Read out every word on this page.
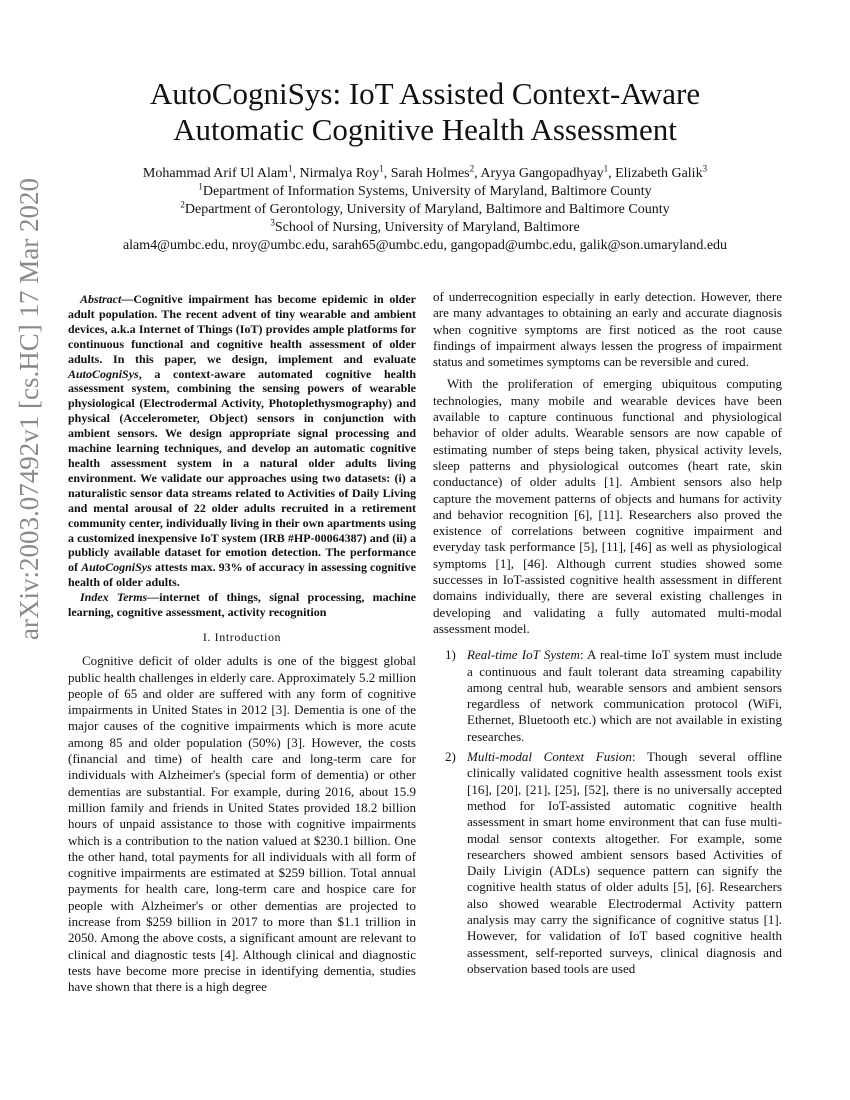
arXiv:2003.07492v1 [cs.HC] 17 Mar 2020
AutoCogniSys: IoT Assisted Context-Aware
Automatic Cognitive Health Assessment
Mohammad Arif Ul Alam$^1$, Nirmalya Roy$^1$, Sarah Holmes$^2$, Aryya Gangopadhyay$^1$, Elizabeth Galik$^3$
$^1$Department of Information Systems, University of Maryland, Baltimore County
$^2$Department of Gerontology, University of Maryland, Baltimore and Baltimore County
$^3$School of Nursing, University of Maryland, Baltimore
alam4@umbc.edu, nroy@umbc.edu, sarah65@umbc.edu, gangopad@umbc.edu, galik@son.umaryland.edu

Abstract—Cognitive impairment has become epidemic in older adult population. The recent advent of tiny wearable and ambient devices, a.k.a Internet of Things (IoT) provides ample platforms for continuous functional and cognitive health assessment of older adults. In this paper, we design, implement and evaluate AutoCogniSys, a context-aware automated cognitive health assessment system, combining the sensing powers of wearable physiological (Electrodermal Activity, Photoplethysmography) and physical (Accelerometer, Object) sensors in conjunction with ambient sensors. We design appropriate signal processing and machine learning techniques, and develop an automatic cognitive health assessment system in a natural older adults living environment. We validate our approaches using two datasets: (i) a naturalistic sensor data streams related to Activities of Daily Living and mental arousal of 22 older adults recruited in a retirement community center, individually living in their own apartments using a customized inexpensive IoT system (IRB #HP-00064387) and (ii) a publicly available dataset for emotion detection. The performance of AutoCogniSys attests max. 93% of accuracy in assessing cognitive health of older adults.

Index Terms—internet of things, signal processing, machine learning, cognitive assessment, activity recognition

I. Introduction

Cognitive deficit of older adults is one of the biggest global public health challenges in elderly care. Approximately 5.2 million people of 65 and older are suffered with any form of cognitive impairments in United States in 2012 [3]. Dementia is one of the major causes of the cognitive impairments which is more acute among 85 and older population (50%) [3]. However, the costs (financial and time) of health care and long-term care for individuals with Alzheimer's (special form of dementia) or other dementias are substantial. For example, during 2016, about 15.9 million family and friends in United States provided 18.2 billion hours of unpaid assistance to those with cognitive impairments which is a contribution to the nation valued at $230.1 billion. One the other hand, total payments for all individuals with all form of cognitive impairments are estimated at $259 billion. Total annual payments for health care, long-term care and hospice care for people with Alzheimer's or other dementias are projected to increase from $259 billion in 2017 to more than $1.1 trillion in 2050. Among the above costs, a significant amount are relevant to clinical and diagnostic tests [4]. Although clinical and diagnostic tests have become more precise in identifying dementia, studies have shown that there is a high degree

of underrecognition especially in early detection. However, there are many advantages to obtaining an early and accurate diagnosis when cognitive symptoms are first noticed as the root cause findings of impairment always lessen the progress of impairment status and sometimes symptoms can be reversible and cured.

With the proliferation of emerging ubiquitous computing technologies, many mobile and wearable devices have been available to capture continuous functional and physiological behavior of older adults. Wearable sensors are now capable of estimating number of steps being taken, physical activity levels, sleep patterns and physiological outcomes (heart rate, skin conductance) of older adults [1]. Ambient sensors also help capture the movement patterns of objects and humans for activity and behavior recognition [6], [11]. Researchers also proved the existence of correlations between cognitive impairment and everyday task performance [5], [11], [46] as well as physiological symptoms [1], [46]. Although current studies showed some successes in IoT-assisted cognitive health assessment in different domains individually, there are several existing challenges in developing and validating a fully automated multi-modal assessment model.

1) Real-time IoT System: A real-time IoT system must include a continuous and fault tolerant data streaming capability among central hub, wearable sensors and ambient sensors regardless of network communication protocol (WiFi, Ethernet, Bluetooth etc.) which are not available in existing researches.
2) Multi-modal Context Fusion: Though several offline clinically validated cognitive health assessment tools exist [16], [20], [21], [25], [52], there is no universally accepted method for IoT-assisted automatic cognitive health assessment in smart home environment that can fuse multi-modal sensor contexts altogether. For example, some researchers showed ambient sensors based Activities of Daily Livigin (ADLs) sequence pattern can signify the cognitive health status of older adults [5], [6]. Researchers also showed wearable Electrodermal Activity pattern analysis may carry the significance of cognitive status [1]. However, for validation of IoT based cognitive health assessment, self-reported surveys, clinical diagnosis and observation based tools are used
